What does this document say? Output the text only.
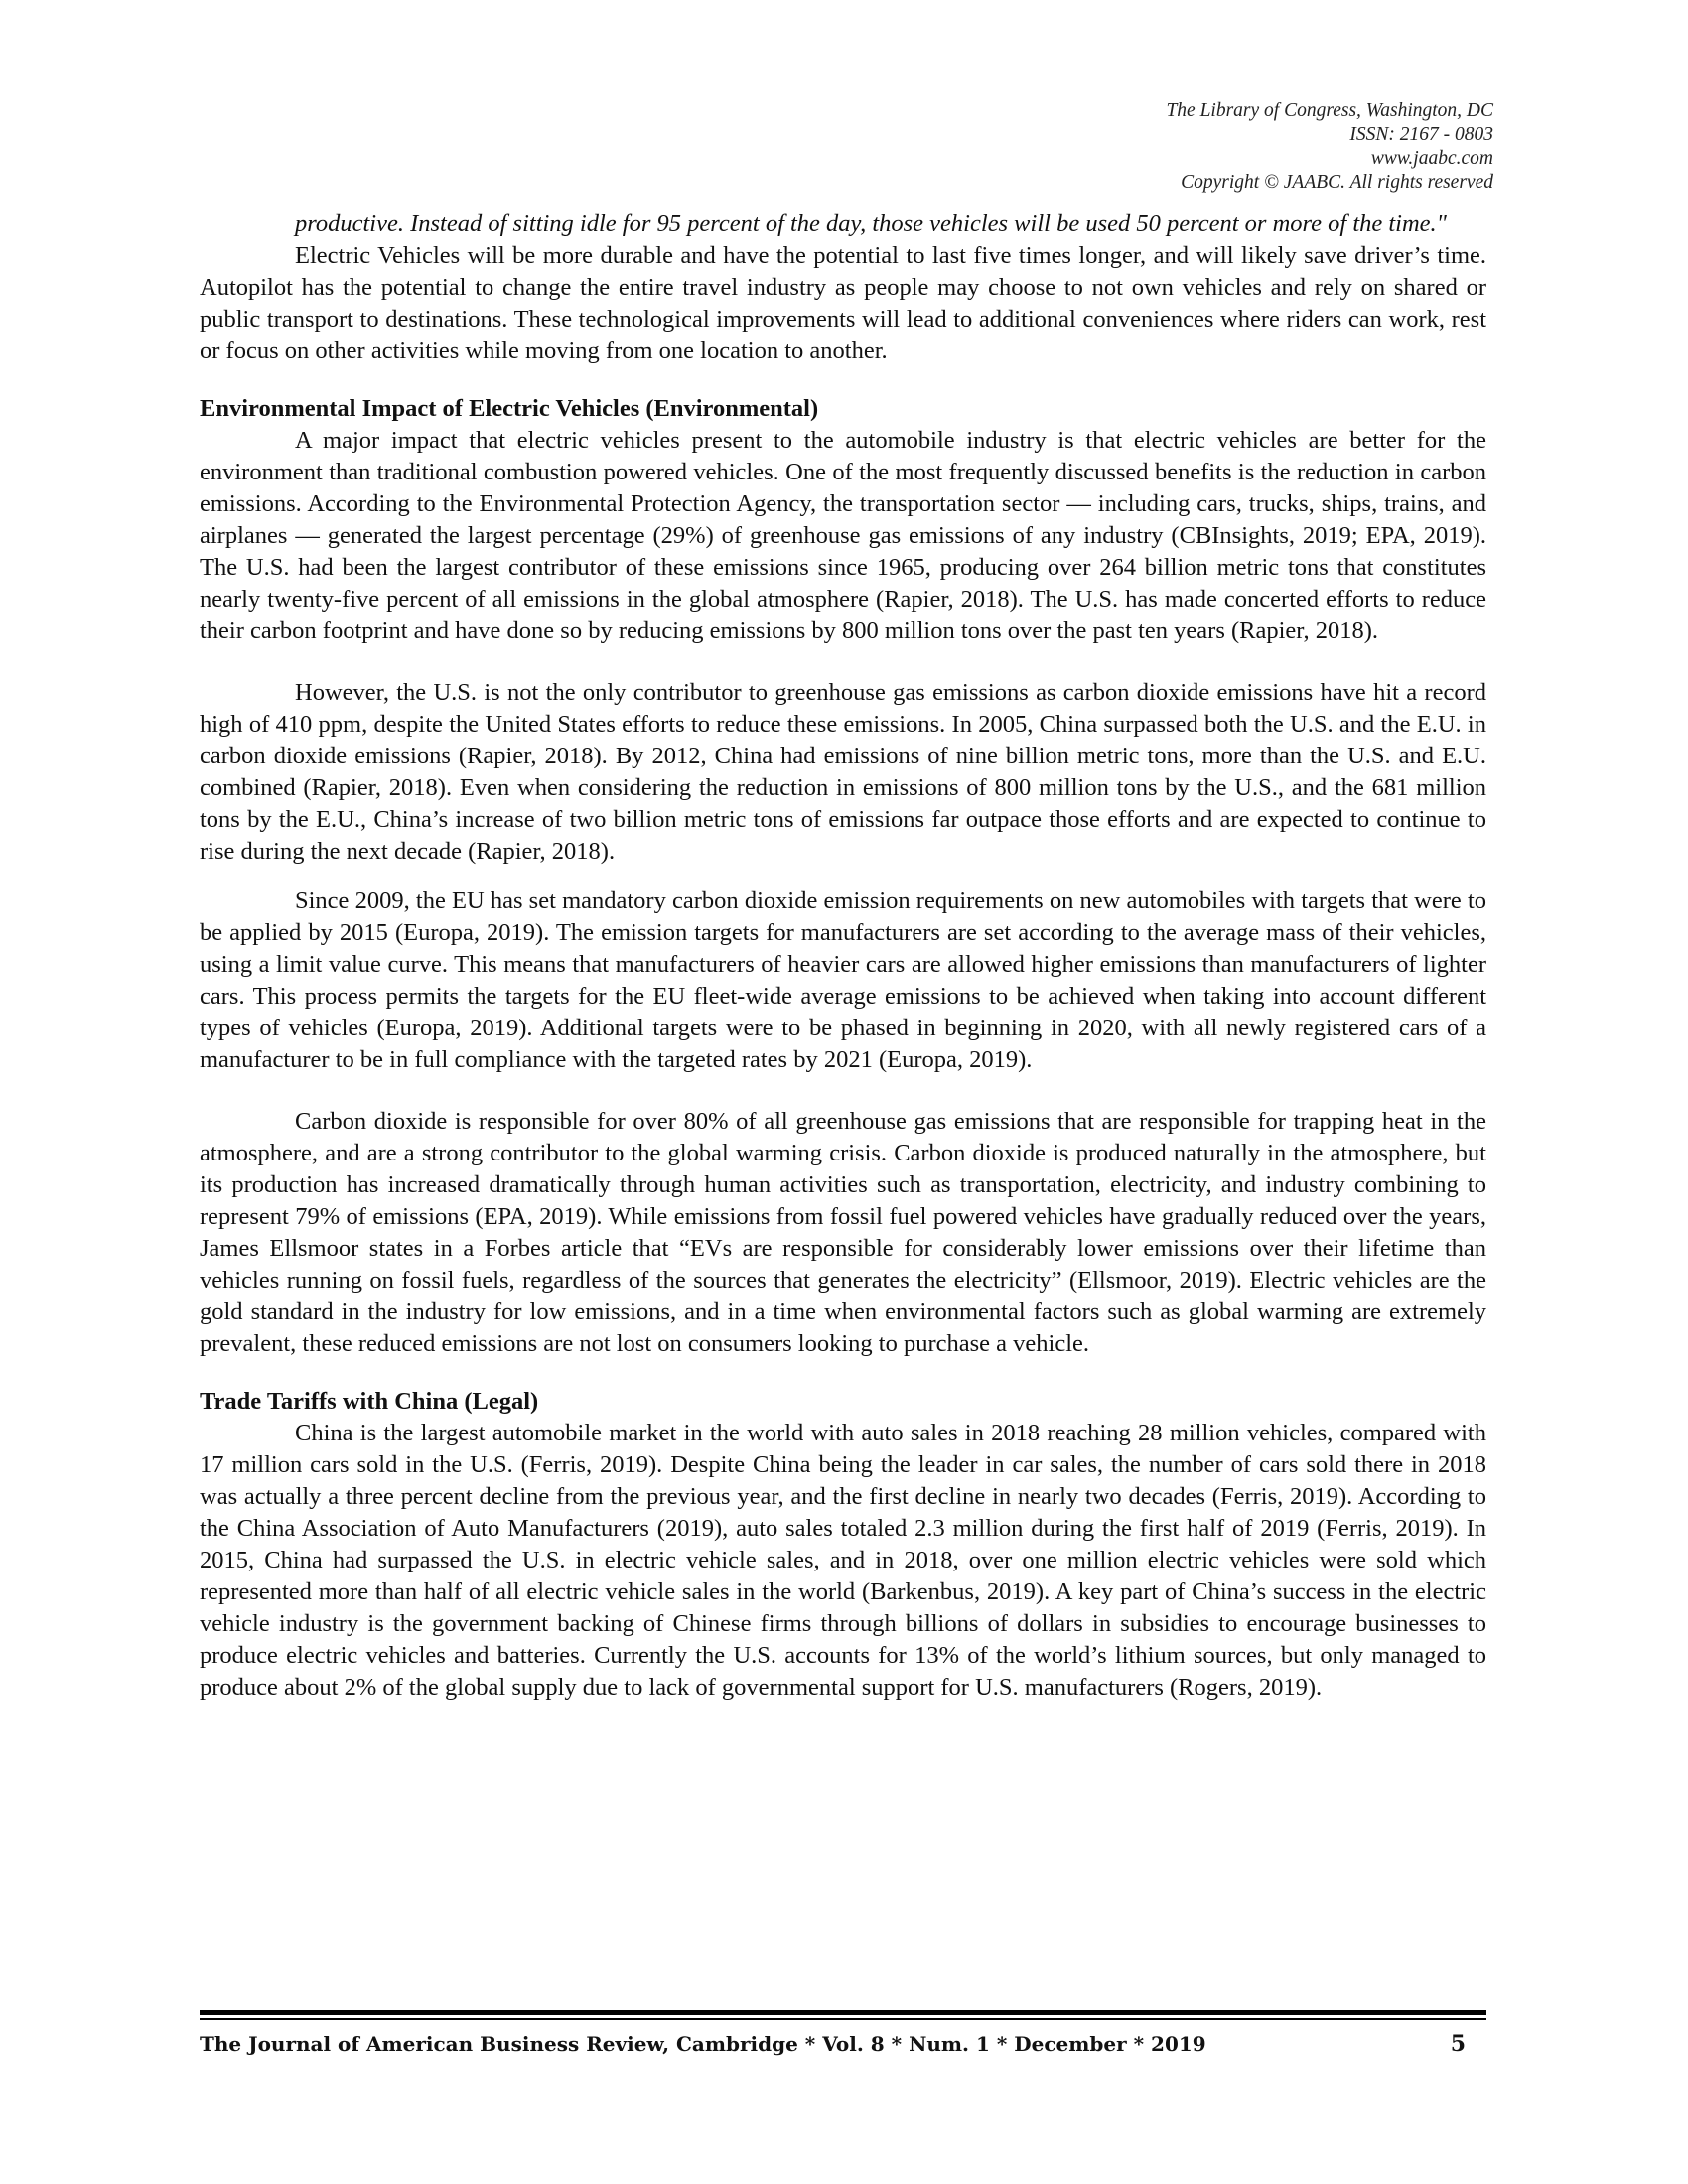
The Library of Congress, Washington, DC
ISSN: 2167 - 0803
www.jaabc.com
Copyright © JAABC. All rights reserved

productive. Instead of sitting idle for 95 percent of the day, those vehicles will be used 50 percent or more of the time."

Electric Vehicles will be more durable and have the potential to last five times longer, and will likely save driver’s time. Autopilot has the potential to change the entire travel industry as people may choose to not own vehicles and rely on shared or public transport to destinations. These technological improvements will lead to additional conveniences where riders can work, rest or focus on other activities while moving from one location to another.

Environmental Impact of Electric Vehicles (Environmental)

A major impact that electric vehicles present to the automobile industry is that electric vehicles are better for the environment than traditional combustion powered vehicles. One of the most frequently discussed benefits is the reduction in carbon emissions. According to the Environmental Protection Agency, the transportation sector — including cars, trucks, ships, trains, and airplanes — generated the largest percentage (29%) of greenhouse gas emissions of any industry (CBInsights, 2019; EPA, 2019). The U.S. had been the largest contributor of these emissions since 1965, producing over 264 billion metric tons that constitutes nearly twenty-five percent of all emissions in the global atmosphere (Rapier, 2018). The U.S. has made concerted efforts to reduce their carbon footprint and have done so by reducing emissions by 800 million tons over the past ten years (Rapier, 2018).

However, the U.S. is not the only contributor to greenhouse gas emissions as carbon dioxide emissions have hit a record high of 410 ppm, despite the United States efforts to reduce these emissions. In 2005, China surpassed both the U.S. and the E.U. in carbon dioxide emissions (Rapier, 2018). By 2012, China had emissions of nine billion metric tons, more than the U.S. and E.U. combined (Rapier, 2018). Even when considering the reduction in emissions of 800 million tons by the U.S., and the 681 million tons by the E.U., China’s increase of two billion metric tons of emissions far outpace those efforts and are expected to continue to rise during the next decade (Rapier, 2018).

Since 2009, the EU has set mandatory carbon dioxide emission requirements on new automobiles with targets that were to be applied by 2015 (Europa, 2019). The emission targets for manufacturers are set according to the average mass of their vehicles, using a limit value curve. This means that manufacturers of heavier cars are allowed higher emissions than manufacturers of lighter cars. This process permits the targets for the EU fleet-wide average emissions to be achieved when taking into account different types of vehicles (Europa, 2019). Additional targets were to be phased in beginning in 2020, with all newly registered cars of a manufacturer to be in full compliance with the targeted rates by 2021 (Europa, 2019).

Carbon dioxide is responsible for over 80% of all greenhouse gas emissions that are responsible for trapping heat in the atmosphere, and are a strong contributor to the global warming crisis. Carbon dioxide is produced naturally in the atmosphere, but its production has increased dramatically through human activities such as transportation, electricity, and industry combining to represent 79% of emissions (EPA, 2019). While emissions from fossil fuel powered vehicles have gradually reduced over the years, James Ellsmoor states in a Forbes article that “EVs are responsible for considerably lower emissions over their lifetime than vehicles running on fossil fuels, regardless of the sources that generates the electricity” (Ellsmoor, 2019). Electric vehicles are the gold standard in the industry for low emissions, and in a time when environmental factors such as global warming are extremely prevalent, these reduced emissions are not lost on consumers looking to purchase a vehicle.

Trade Tariffs with China (Legal)

China is the largest automobile market in the world with auto sales in 2018 reaching 28 million vehicles, compared with 17 million cars sold in the U.S. (Ferris, 2019). Despite China being the leader in car sales, the number of cars sold there in 2018 was actually a three percent decline from the previous year, and the first decline in nearly two decades (Ferris, 2019). According to the China Association of Auto Manufacturers (2019), auto sales totaled 2.3 million during the first half of 2019 (Ferris, 2019). In 2015, China had surpassed the U.S. in electric vehicle sales, and in 2018, over one million electric vehicles were sold which represented more than half of all electric vehicle sales in the world (Barkenbus, 2019). A key part of China’s success in the electric vehicle industry is the government backing of Chinese firms through billions of dollars in subsidies to encourage businesses to produce electric vehicles and batteries. Currently the U.S. accounts for 13% of the world’s lithium sources, but only managed to produce about 2% of the global supply due to lack of governmental support for U.S. manufacturers (Rogers, 2019).

The Journal of American Business Review, Cambridge * Vol. 8 * Num. 1 * December * 2019	5
